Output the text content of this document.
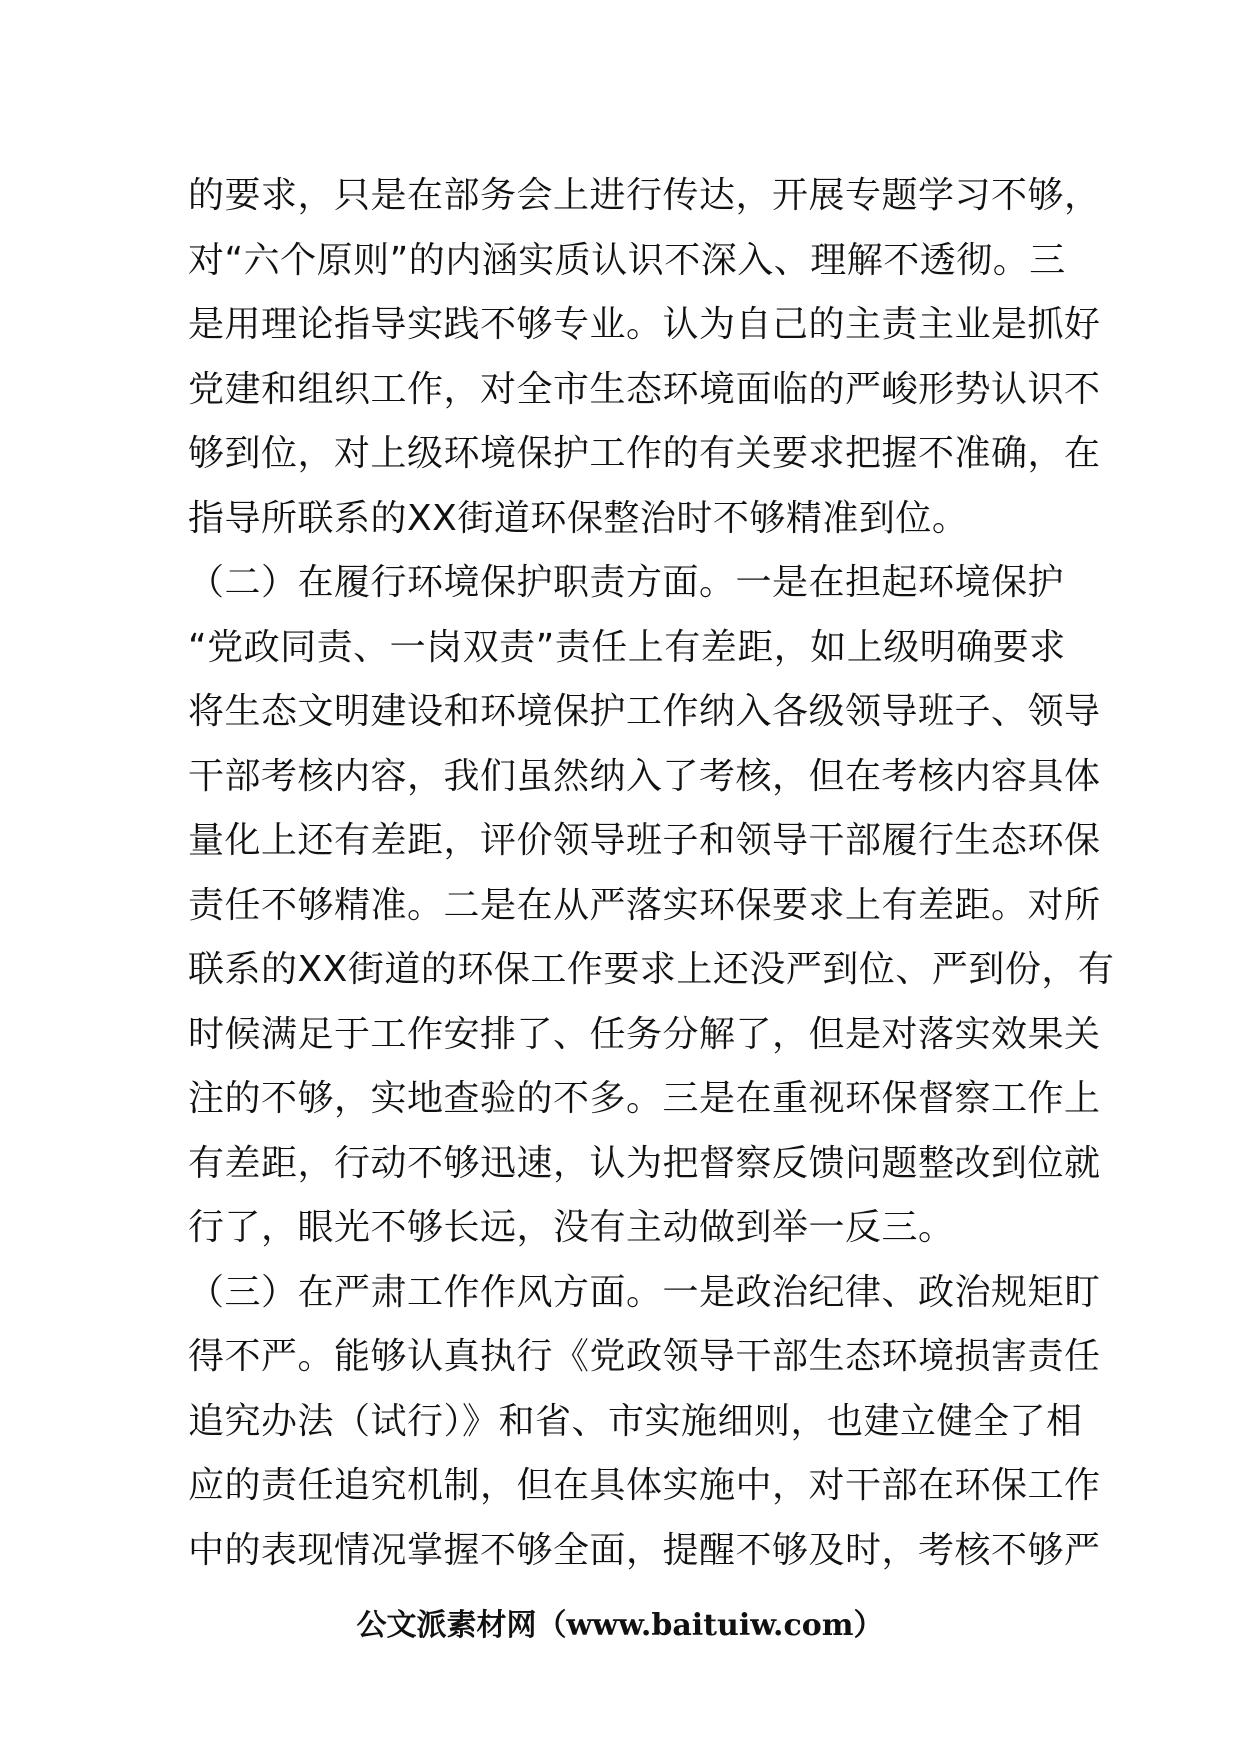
的要求，只是在部务会上进行传达，开展专题学习不够，
对“六个原则”的内涵实质认识不深入、理解不透彻。三
是用理论指导实践不够专业。认为自己的主责主业是抓好
党建和组织工作，对全市生态环境面临的严峻形势认识不
够到位，对上级环境保护工作的有关要求把握不准确，在
指导所联系的XX街道环保整治时不够精准到位。
（二）在履行环境保护职责方面。一是在担起环境保护
“党政同责、一岗双责”责任上有差距，如上级明确要求
将生态文明建设和环境保护工作纳入各级领导班子、领导
干部考核内容，我们虽然纳入了考核，但在考核内容具体
量化上还有差距，评价领导班子和领导干部履行生态环保
责任不够精准。二是在从严落实环保要求上有差距。对所
联系的XX街道的环保工作要求上还没严到位、严到份，有
时候满足于工作安排了、任务分解了，但是对落实效果关
注的不够，实地查验的不多。三是在重视环保督察工作上
有差距，行动不够迅速，认为把督察反馈问题整改到位就
行了，眼光不够长远，没有主动做到举一反三。
（三）在严肃工作作风方面。一是政治纪律、政治规矩盯
得不严。能够认真执行《党政领导干部生态环境损害责任
追究办法（试行）》和省、市实施细则，也建立健全了相
应的责任追究机制，但在具体实施中，对干部在环保工作
中的表现情况掌握不够全面，提醒不够及时，考核不够严
公文派素材网（www.baituiw.com）
